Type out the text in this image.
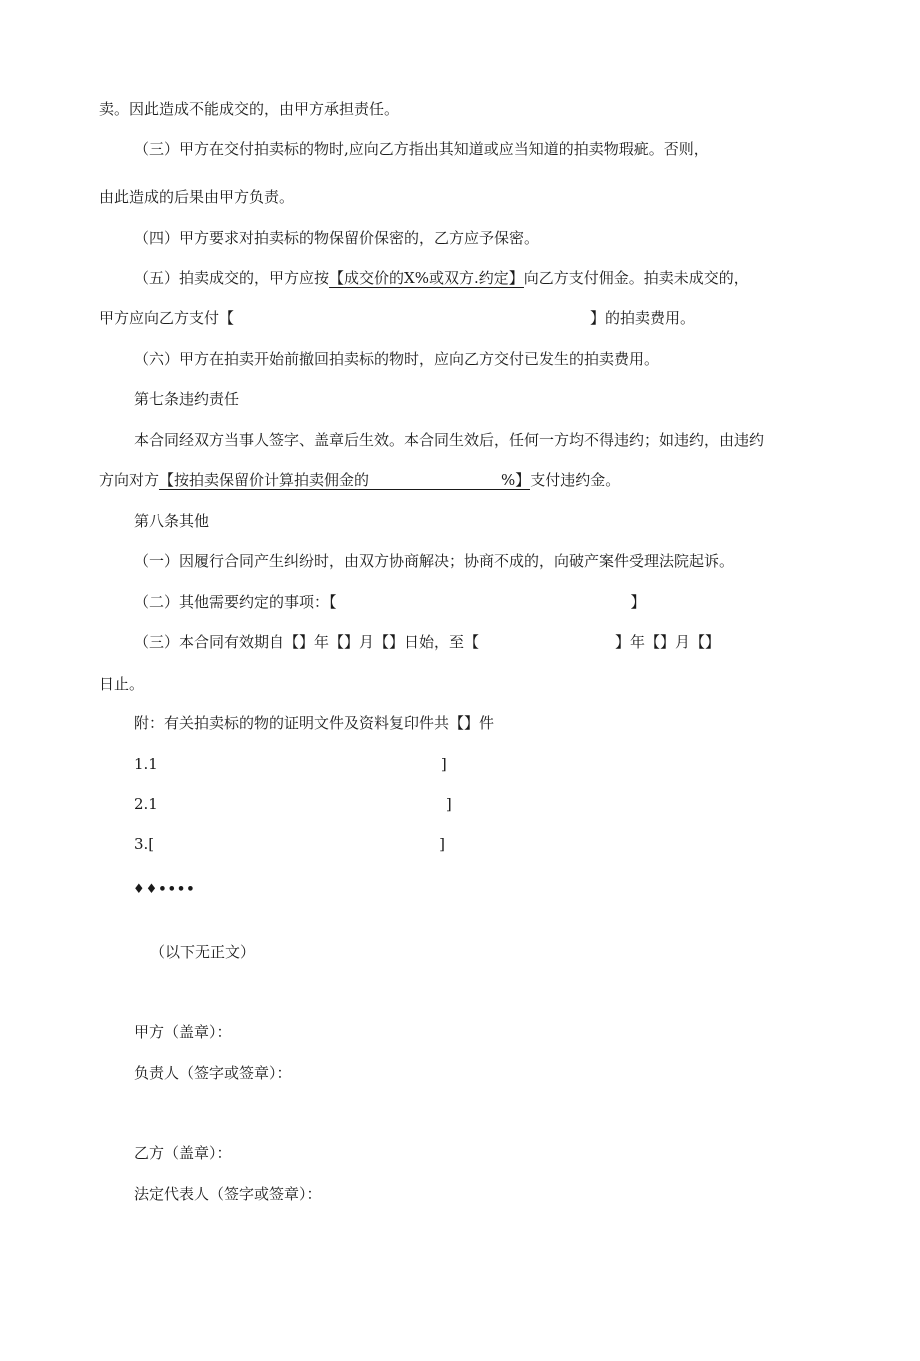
卖。因此造成不能成交的，由甲方承担责任。
（三）甲方在交付拍卖标的物时,应向乙方指出其知道或应当知道的拍卖物瑕疵。否则，
由此造成的后果由甲方负责。
（四）甲方要求对拍卖标的物保留价保密的，乙方应予保密。
（五）拍卖成交的，甲方应按【成交价的X%或双方.约定】向乙方支付佣金。拍卖未成交的，
甲方应向乙方支付【	】的拍卖费用。
（六）甲方在拍卖开始前撤回拍卖标的物时，应向乙方交付已发生的拍卖费用。
第七条违约责任
本合同经双方当事人签字、盖章后生效。本合同生效后，任何一方均不得违约；如违约，由违约
方向对方【按拍卖保留价计算拍卖佣金的	%】支付违约金。
第八条其他
（一）因履行合同产生纠纷时，由双方协商解决；协商不成的，向破产案件受理法院起诉。
（二）其他需要约定的事项：【	】
（三）本合同有效期自【】年【】月【】日始，至【	】年【】月【】
日止。
附：有关拍卖标的物的证明文件及资料复印件共【】件
1.1	]
2.1	]
3.[	]
♦♦••••
（以下无正文）
甲方（盖章）：
负责人（签字或签章）：
乙方（盖章）：
法定代表人（签字或签章）：
